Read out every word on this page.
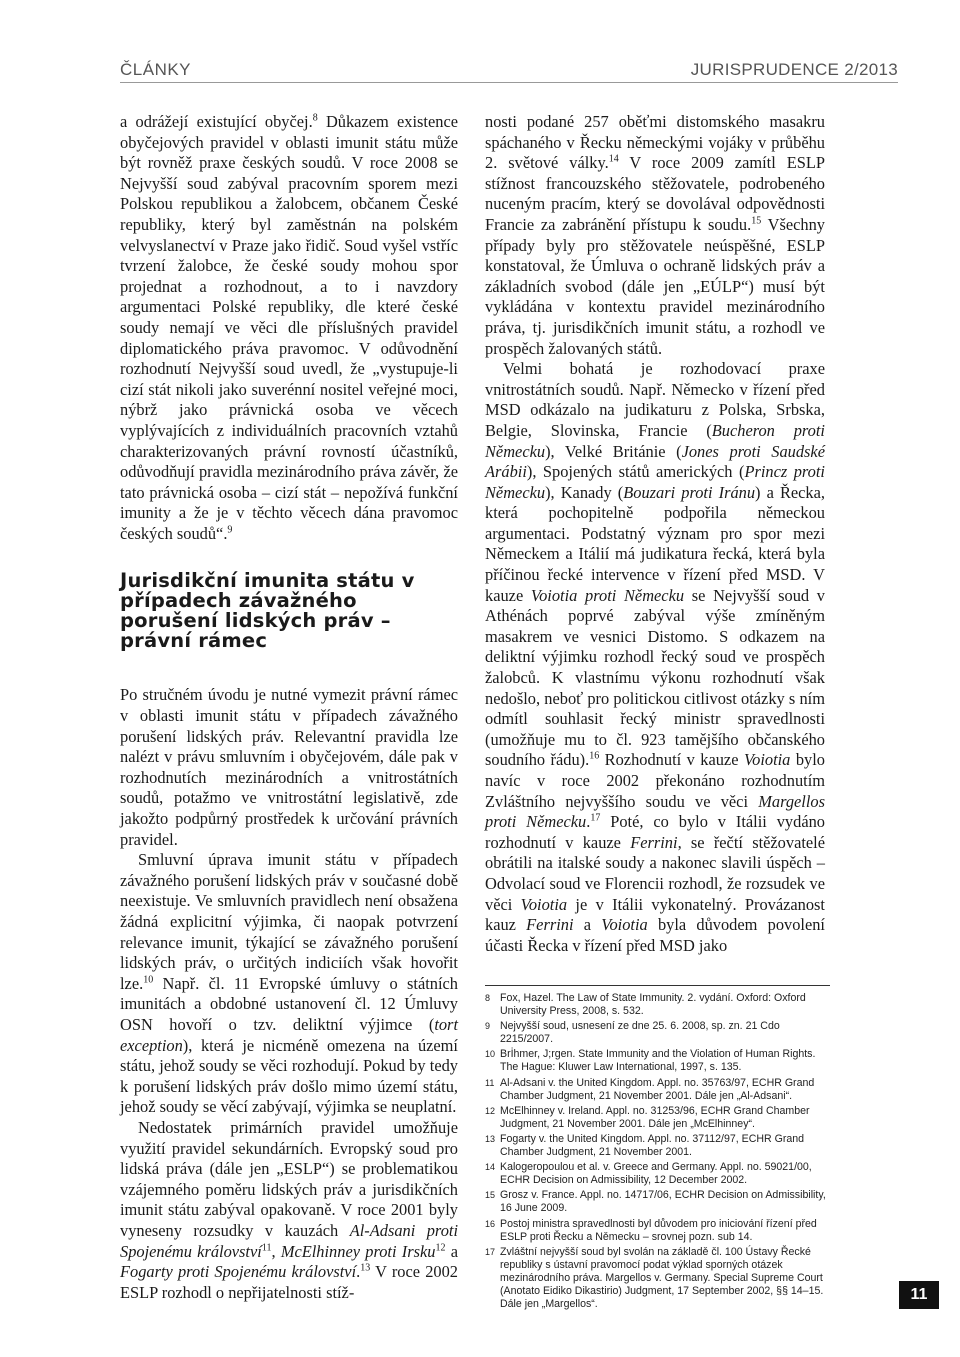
ČLÁNKY	JURISPRUDENCE 2/2013

a odrážejí existující obyčej.$^8$ Důkazem existence obyčejových pravidel v oblasti imunit státu může být rovněž praxe českých soudů. V roce 2008 se Nejvyšší soud zabýval pracovním sporem mezi Polskou republikou a žalobcem, občanem České republiky, který byl zaměstnán na polském velvyslanectví v Praze jako řidič. Soud vyšel vstříc tvrzení žalobce, že české soudy mohou spor projednat a rozhodnout, a to i navzdory argumentaci Polské republiky, dle které české soudy nemají ve věci dle příslušných pravidel diplomatického práva pravomoc. V odůvodnění rozhodnutí Nejvyšší soud uvedl, že „vystupuje-li cizí stát nikoli jako suverénní nositel veřejné moci, nýbrž jako právnická osoba ve věcech vyplývajících z individuálních pracovních vztahů charakterizovaných právní rovností účastníků, odůvodňují pravidla mezinárodního práva závěr, že tato právnická osoba – cizí stát – nepožívá funkční imunity a že je v těchto věcech dána pravomoc českých soudů“.$^9$

Jurisdikční imunita státu v případech závažného porušení lidských práv – právní rámec

Po stručném úvodu je nutné vymezit právní rámec v oblasti imunit státu v případech závažného porušení lidských práv. Relevantní pravidla lze nalézt v právu smluvním i obyčejovém, dále pak v rozhodnutích mezinárodních a vnitrostátních soudů, potažmo ve vnitrostátní legislativě, zde jakožto podpůrný prostředek k určování právních pravidel.

Smluvní úprava imunit státu v případech závažného porušení lidských práv v současné době neexistuje. Ve smluvních pravidlech není obsažena žádná explicitní výjimka, či naopak potvrzení relevance imunit, týkající se závažného porušení lidských práv, o určitých indiciích však hovořit lze.$^{10}$ Např. čl. 11 Evropské úmluvy o státních imunitách a obdobné ustanovení čl. 12 Úmluvy OSN hovoří o tzv. deliktní výjimce (tort exception), která je nicméně omezena na území státu, jehož soudy se věci rozhodují. Pokud by tedy k porušení lidských práv došlo mimo území státu, jehož soudy se věcí zabývají, výjimka se neuplatní.

Nedostatek primárních pravidel umožňuje využití pravidel sekundárních. Evropský soud pro lidská práva (dále jen „ESLP“) se problematikou vzájemného poměru lidských práv a jurisdikčních imunit státu zabýval opakovaně. V roce 2001 byly vyneseny rozsudky v kauzách Al-Adsani proti Spojenému království$^{11}$, McElhinney proti Irsku$^{12}$ a Fogarty proti Spojenému království.$^{13}$ V roce 2002 ESLP rozhodl o nepřijatelnosti stíž-

nosti podané 257 oběťmi distomského masakru spáchaného v Řecku německými vojáky v průběhu 2. světové války.$^{14}$ V roce 2009 zamítl ESLP stížnost francouzského stěžovatele, podrobeného nuceným pracím, který se dovolával odpovědnosti Francie za zabránění přístupu k soudu.$^{15}$ Všechny případy byly pro stěžovatele neúspěšné, ESLP konstatoval, že Úmluva o ochraně lidských práv a základních svobod (dále jen „EÚLP“) musí být vykládána v kontextu pravidel mezinárodního práva, tj. jurisdikčních imunit státu, a rozhodl ve prospěch žalovaných států.

Velmi bohatá je rozhodovací praxe vnitrostátních soudů. Např. Německo v řízení před MSD odkázalo na judikaturu z Polska, Srbska, Belgie, Slovinska, Francie (Bucheron proti Německu), Velké Británie (Jones proti Saudské Arábii), Spojených států amerických (Princz proti Německu), Kanady (Bouzari proti Iránu) a Řecka, která pochopitelně podpořila německou argumentaci. Podstatný význam pro spor mezi Německem a Itálií má judikatura řecká, která byla příčinou řecké intervence v řízení před MSD. V kauze Voiotia proti Německu se Nejvyšší soud v Athénách poprvé zabýval výše zmíněným masakrem ve vesnici Distomo. S odkazem na deliktní výjimku rozhodl řecký soud ve prospěch žalobců. K vlastnímu výkonu rozhodnutí však nedošlo, neboť pro politickou citlivost otázky s ním odmítl souhlasit řecký ministr spravedlnosti (umožňuje mu to čl. 923 tamějšího občanského soudního řádu).$^{16}$ Rozhodnutí v kauze Voiotia bylo navíc v roce 2002 překonáno rozhodnutím Zvláštního nejvyššího soudu ve věci Margellos proti Německu.$^{17}$ Poté, co bylo v Itálii vydáno rozhodnutí v kauze Ferrini, se řečtí stěžovatelé obrátili na italské soudy a nakonec slavili úspěch – Odvolací soud ve Florencii rozhodl, že rozsudek ve věci Voiotia je v Itálii vykonatelný. Provázanost kauz Ferrini a Voiotia byla důvodem povolení účasti Řecka v řízení před MSD jako

8 Fox, Hazel. The Law of State Immunity. 2. vydání. Oxford: Oxford University Press, 2008, s. 532.
9 Nejvyšší soud, usnesení ze dne 25. 6. 2008, sp. zn. 21 Cdo 2215/2007.
10 Brİhmer, J;rgen. State Immunity and the Violation of Human Rights. The Hague: Kluwer Law International, 1997, s. 135.
11 Al-Adsani v. the United Kingdom. Appl. no. 35763/97, ECHR Grand Chamber Judgment, 21 November 2001. Dále jen „Al-Adsani“.
12 McElhinney v. Ireland. Appl. no. 31253/96, ECHR Grand Chamber Judgment, 21 November 2001. Dále jen „McElhinney“.
13 Fogarty v. the United Kingdom. Appl. no. 37112/97, ECHR Grand Chamber Judgment, 21 November 2001.
14 Kalogeropoulou et al. v. Greece and Germany. Appl. no. 59021/00, ECHR Decision on Admissibility, 12 December 2002.
15 Grosz v. France. Appl. no. 14717/06, ECHR Decision on Admissibility, 16 June 2009.
16 Postoj ministra spravedlnosti byl důvodem pro iniciování řízení před ESLP proti Řecku a Německu – srovnej pozn. sub 14.
17 Zvláštní nejvyšší soud byl svolán na základě čl. 100 Ústavy Řecké republiky s ústavní pravomocí podat výklad sporných otázek mezinárodního práva. Margellos v. Germany. Special Supreme Court (Anotato Eidiko Dikastirio) Judgment, 17 September 2002, §§ 14–15. Dále jen „Margellos“.
11
